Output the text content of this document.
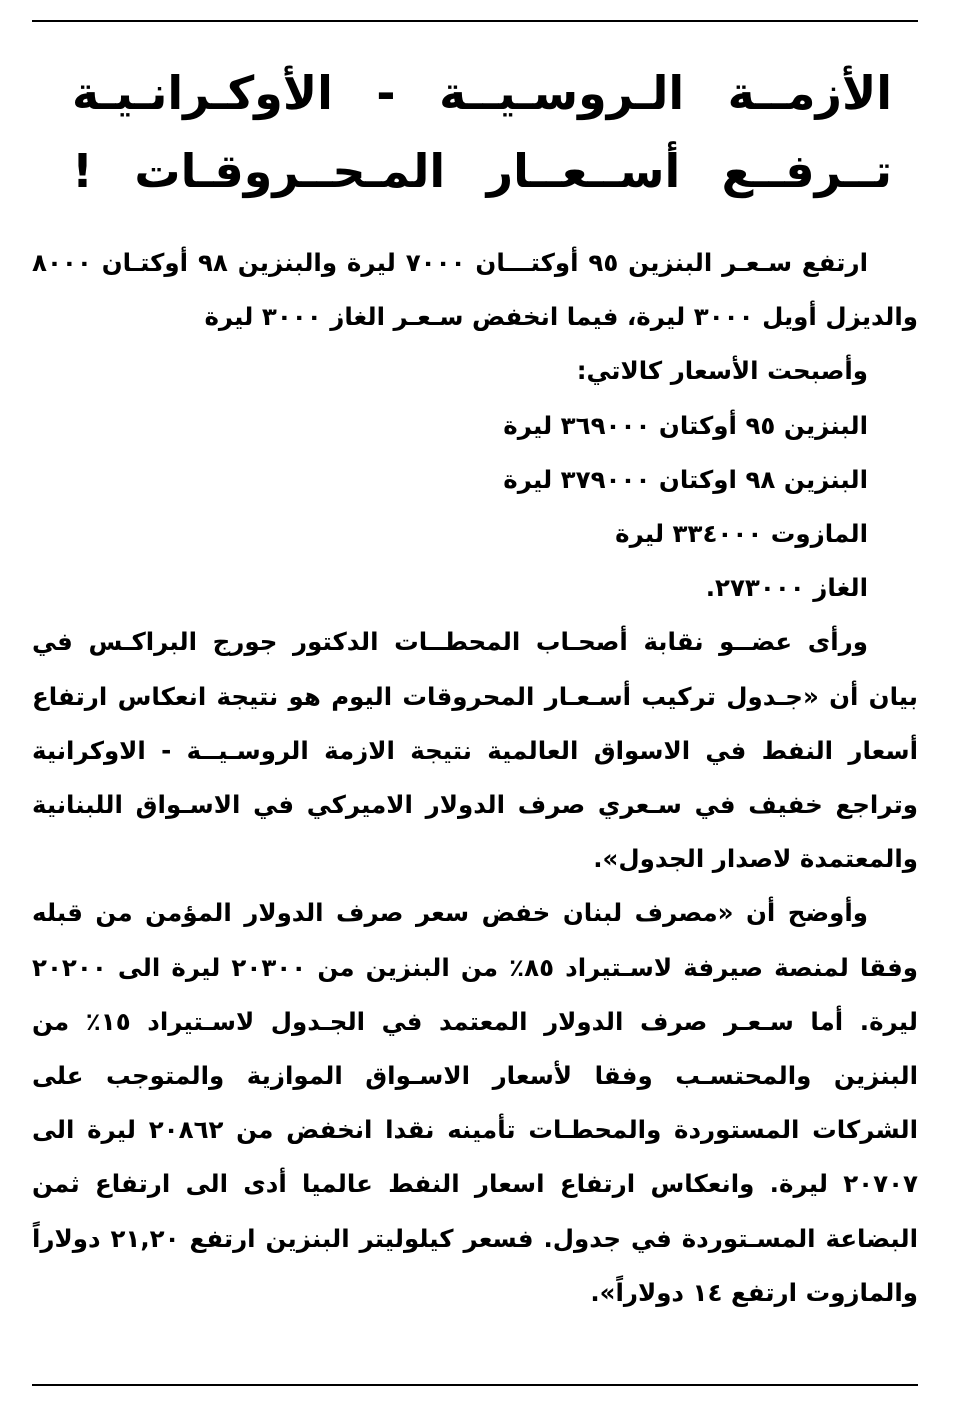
الأزمــة الـروسـيــة - الأوكـرانـيـة
تــرفــع أســعــار المـحــروقـات !

ارتفع سـعـر البنزين ٩٥ أوكتـــان ٧٠٠٠ ليرة والبنزين ٩٨ أوكتـان ٨٠٠٠ والديزل أويل ٣٠٠٠ ليرة، فيما انخفض سـعـر الغاز ٣٠٠٠ ليرة

وأصبحت الأسعار كالاتي:

البنزين ٩٥ أوكتان ٣٦٩٠٠٠ ليرة
البنزين ٩٨ اوكتان ٣٧٩٠٠٠ ليرة
المازوت ٣٣٤٠٠٠ ليرة
الغاز ٢٧٣٠٠٠.

ورأى عضــو نقابة أصحـاب المحطــات الدكتور جورج البراكـس في بيان أن «جـدول تركيب أسـعـار المحروقات اليوم هو نتيجة انعكاس ارتفاع أسعار النفط في الاسواق العالمية نتيجة الازمة الروسـيــة - الاوكرانية وتراجع خفيف في سـعري صرف الدولار الاميركي في الاسـواق اللبنانية والمعتمدة لاصدار الجدول».

وأوضح أن «مصرف لبنان خفض سعر صرف الدولار المؤمن من قبله وفقا لمنصة صيرفة لاسـتيراد ٨٥٪ من البنزين من ٢٠٣٠٠ ليرة الى ٢٠٢٠٠ ليرة. أما سـعـر صرف الدولار المعتمد في الجـدول لاسـتيراد ١٥٪ من البنزين والمحتسـب وفقا لأسعار الاسـواق الموازية والمتوجب على الشركات المستوردة والمحطـات تأمينه نقدا انخفض من ٢٠٨٦٢ ليرة الى ٢٠٧٠٧ ليرة. وانعكاس ارتفاع اسعار النفط عالميا أدى الى ارتفاع ثمن البضاعة المسـتوردة في جدول. فسعر كيلوليتر البنزين ارتفع ٢١,٢٠ دولاراً والمازوت ارتفع ١٤ دولاراً».
